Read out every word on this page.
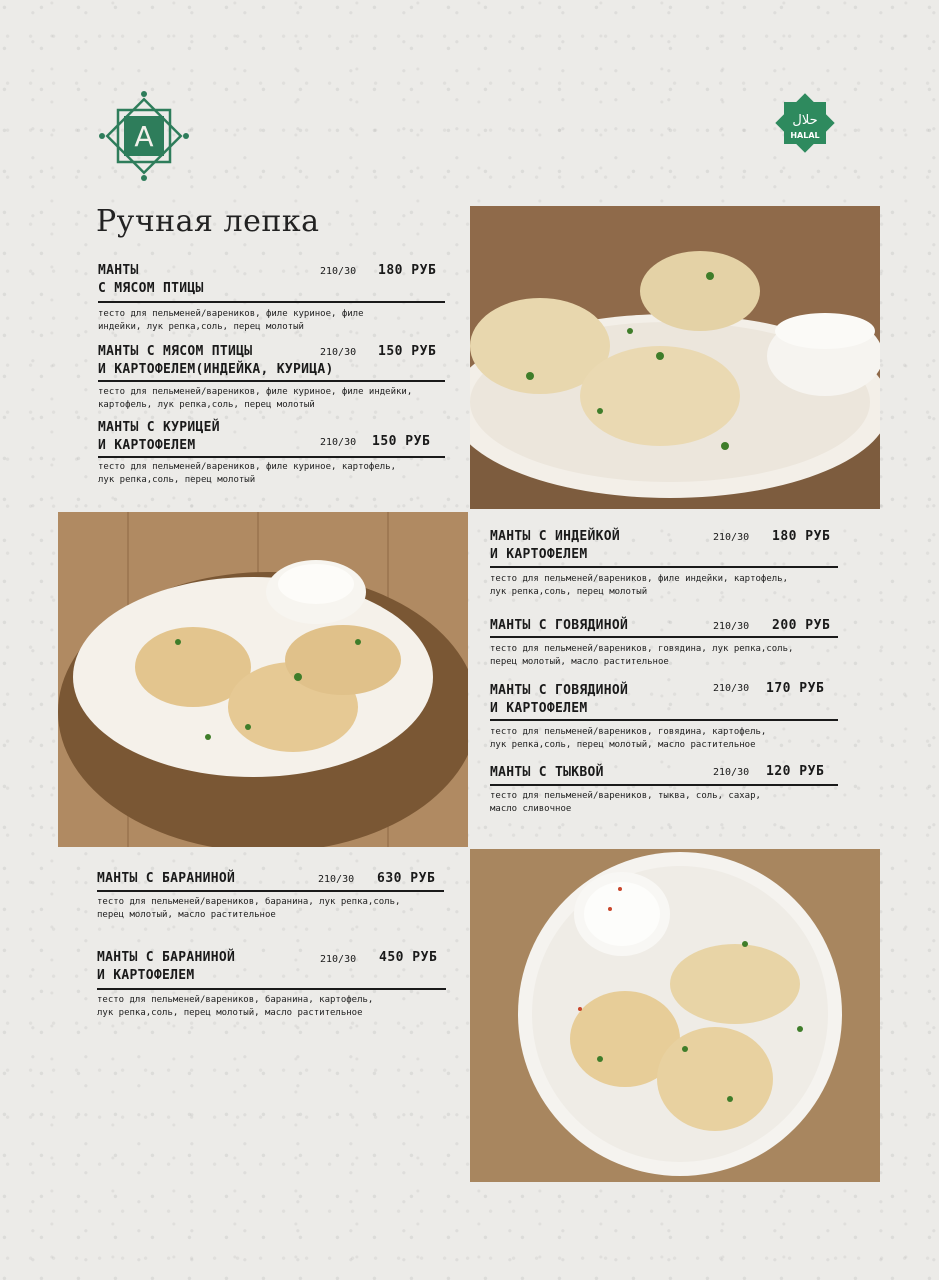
A	حلال
HALAL
Ручная лепка
МАНТЫ
С МЯСОМ ПТИЦЫ
210/30 180 РУБ
тесто для пельменей/вареников, филе куриное, филе
индейки, лук репка,соль, перец молотый
МАНТЫ С МЯСОМ ПТИЦЫ
И КАРТОФЕЛЕМ(ИНДЕЙКА, КУРИЦА)
210/30 150 РУБ
тесто для пельменей/вареников, филе куриное, филе индейки,
картофель, лук репка,соль, перец молотый
МАНТЫ С КУРИЦЕЙ
И КАРТОФЕЛЕМ	210/30 150 РУБ
тесто для пельменей/вареников, филе куриное, картофель,
лук репка,соль, перец молотый
МАНТЫ С ИНДЕЙКОЙ
И КАРТОФЕЛЕМ
210/30 180 РУБ
тесто для пельменей/вареников, филе индейки, картофель,
лук репка,соль, перец молотый
МАНТЫ С ГОВЯДИНОЙ	210/30 200 РУБ
тесто для пельменей/вареников, говядина, лук репка,соль,
перец молотый, масло растительное
МАНТЫ С ГОВЯДИНОЙ
И КАРТОФЕЛЕМ
210/30 170 РУБ
тесто для пельменей/вареников, говядина, картофель,
лук репка,соль, перец молотый, масло растительное
МАНТЫ С ТЫКВОЙ	210/30 120 РУБ
тесто для пельменей/вареников, тыква, соль, сахар,
масло сливочное
МАНТЫ С БАРАНИНОЙ	210/30 630 РУБ
тесто для пельменей/вареников, баранина, лук репка,соль,
перец молотый, масло растительное
МАНТЫ С БАРАНИНОЙ
И КАРТОФЕЛЕМ
210/30 450 РУБ
тесто для пельменей/вареников, баранина, картофель,
лук репка,соль, перец молотый, масло растительное
